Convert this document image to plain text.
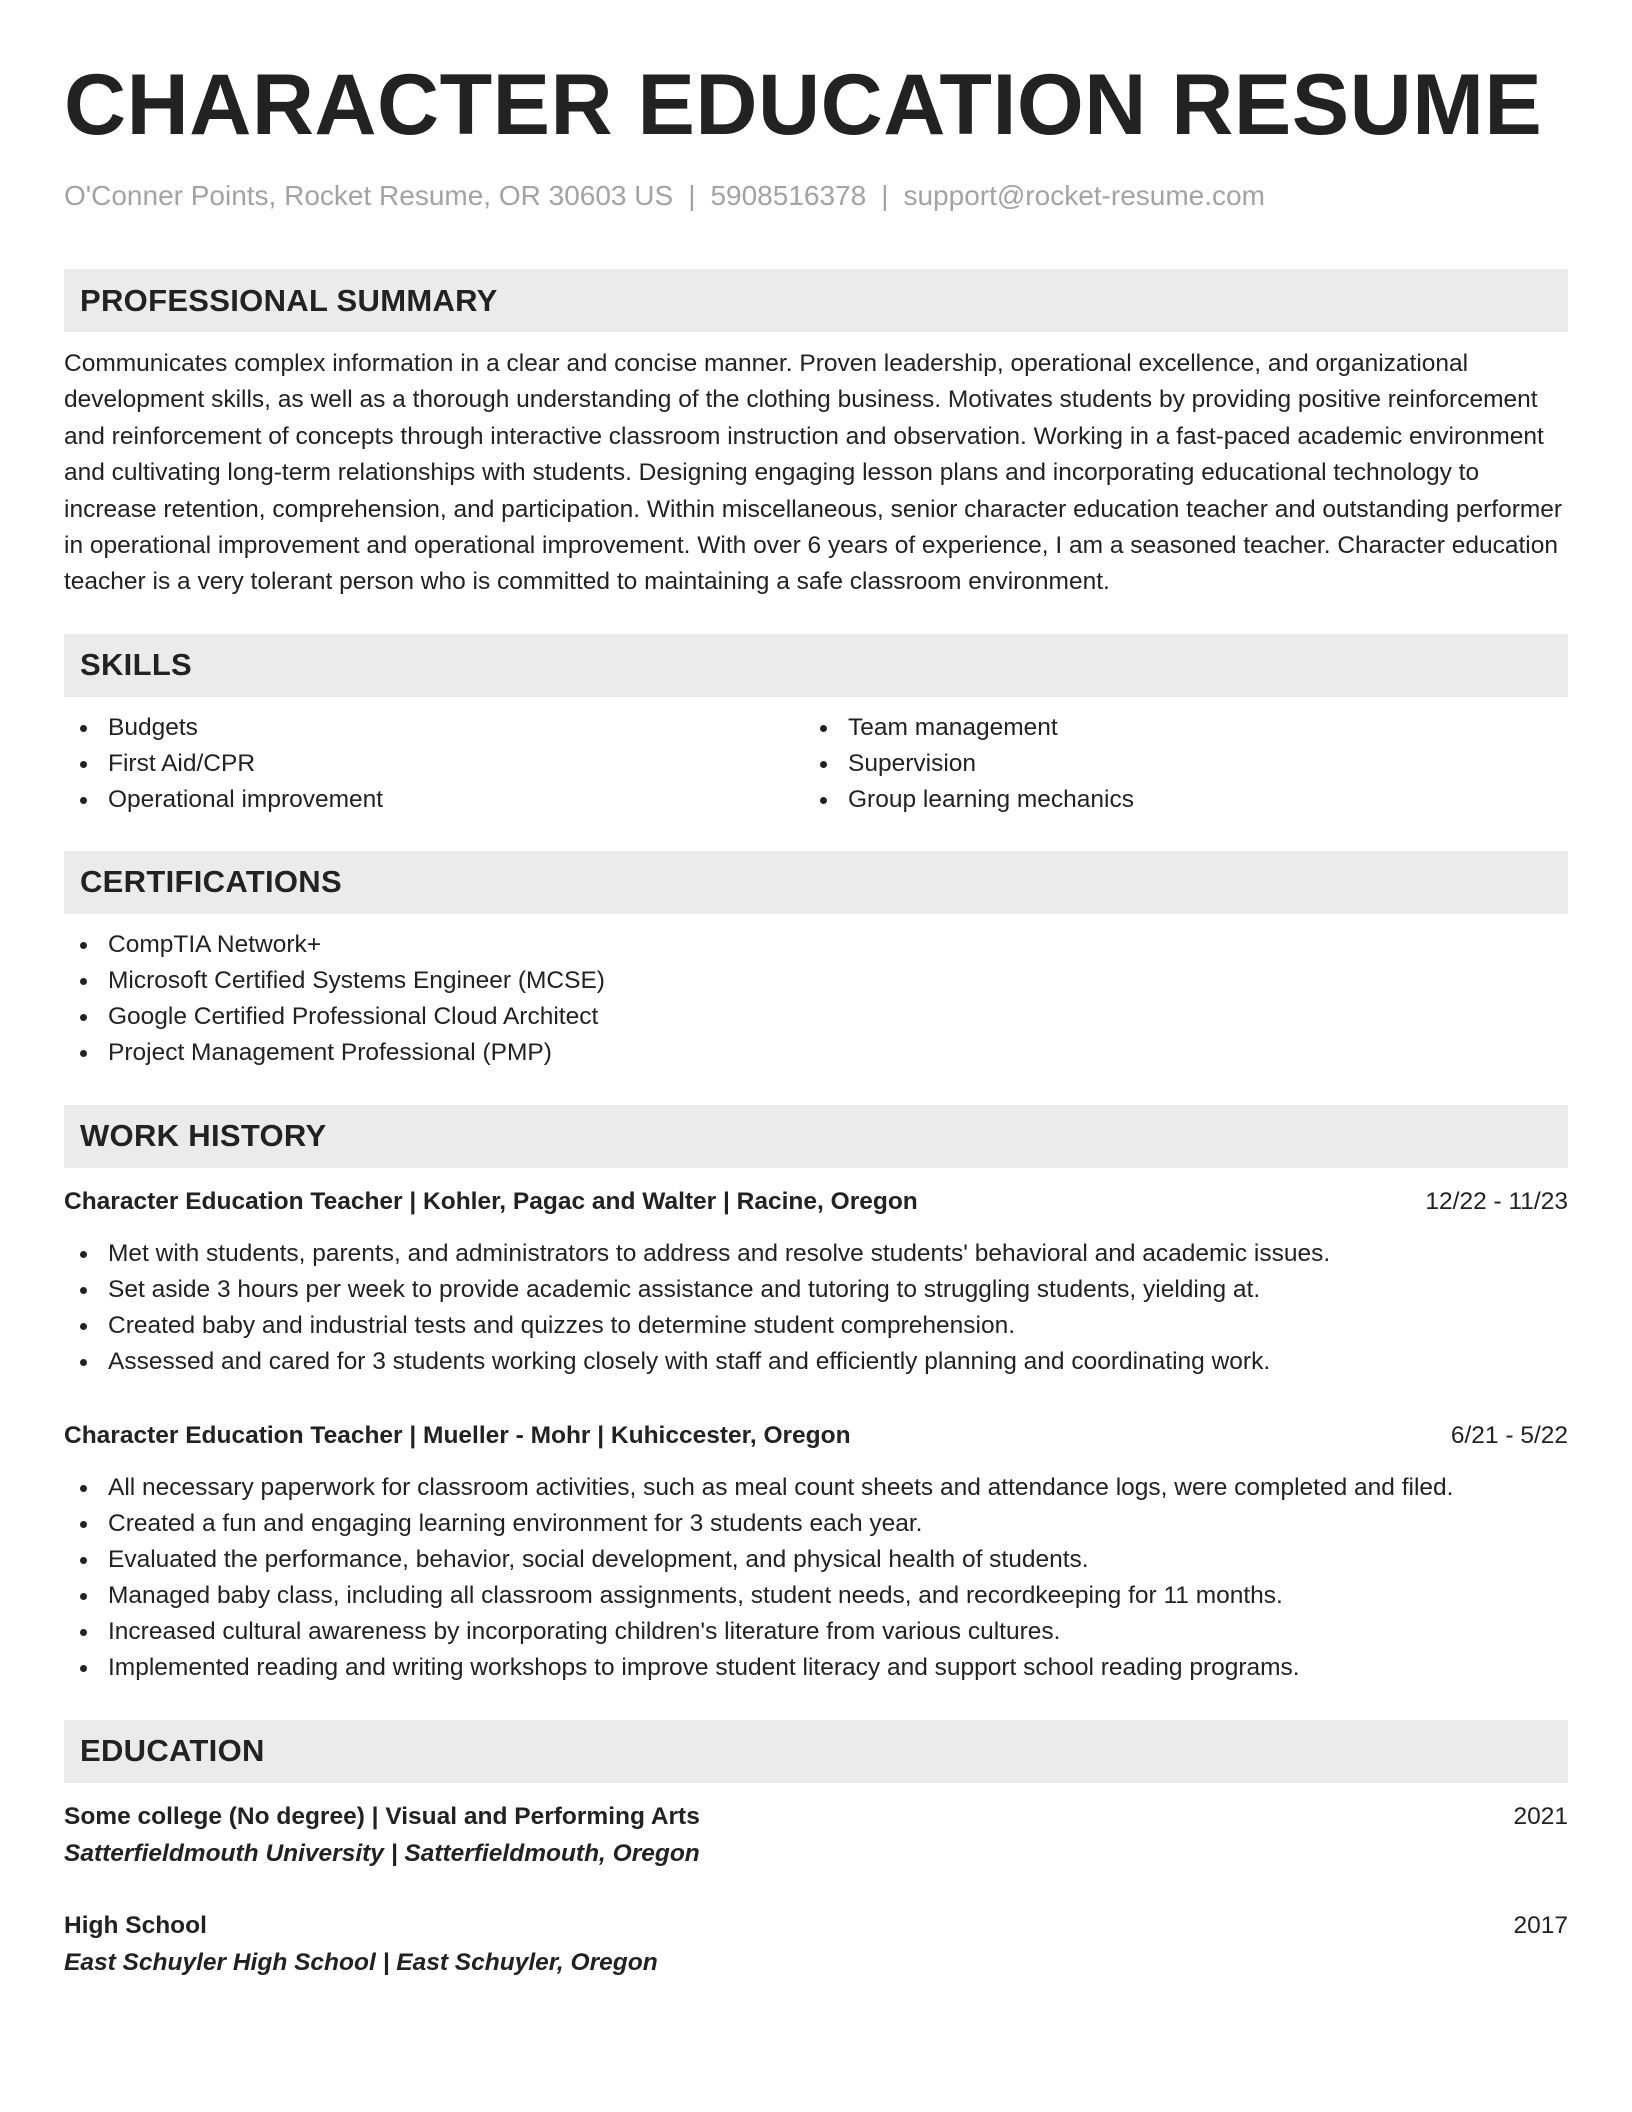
CHARACTER EDUCATION RESUME
O'Conner Points, Rocket Resume, OR 30603 US | 5908516378 | support@rocket-resume.com
PROFESSIONAL SUMMARY

Communicates complex information in a clear and concise manner. Proven leadership, operational excellence, and organizational development skills, as well as a thorough understanding of the clothing business. Motivates students by providing positive reinforcement and reinforcement of concepts through interactive classroom instruction and observation. Working in a fast-paced academic environment and cultivating long-term relationships with students. Designing engaging lesson plans and incorporating educational technology to increase retention, comprehension, and participation. Within miscellaneous, senior character education teacher and outstanding performer in operational improvement and operational improvement. With over 6 years of experience, I am a seasoned teacher. Character education teacher is a very tolerant person who is committed to maintaining a safe classroom environment.

SKILLS
Budgets
First Aid/CPR
Operational improvement
Team management
Supervision
Group learning mechanics
CERTIFICATIONS
CompTIA Network+
Microsoft Certified Systems Engineer (MCSE)
Google Certified Professional Cloud Architect
Project Management Professional (PMP)
WORK HISTORY
Character Education Teacher | Kohler, Pagac and Walter | Racine, Oregon	12/22 - 11/23
Met with students, parents, and administrators to address and resolve students' behavioral and academic issues.
Set aside 3 hours per week to provide academic assistance and tutoring to struggling students, yielding at.
Created baby and industrial tests and quizzes to determine student comprehension.
Assessed and cared for 3 students working closely with staff and efficiently planning and coordinating work.
Character Education Teacher | Mueller - Mohr | Kuhiccester, Oregon	6/21 - 5/22
All necessary paperwork for classroom activities, such as meal count sheets and attendance logs, were completed and filed.
Created a fun and engaging learning environment for 3 students each year.
Evaluated the performance, behavior, social development, and physical health of students.
Managed baby class, including all classroom assignments, student needs, and recordkeeping for 11 months.
Increased cultural awareness by incorporating children's literature from various cultures.
Implemented reading and writing workshops to improve student literacy and support school reading programs.
EDUCATION
Some college (No degree) | Visual and Performing Arts	2021
Satterfieldmouth University | Satterfieldmouth, Oregon
High School	2017
East Schuyler High School | East Schuyler, Oregon
